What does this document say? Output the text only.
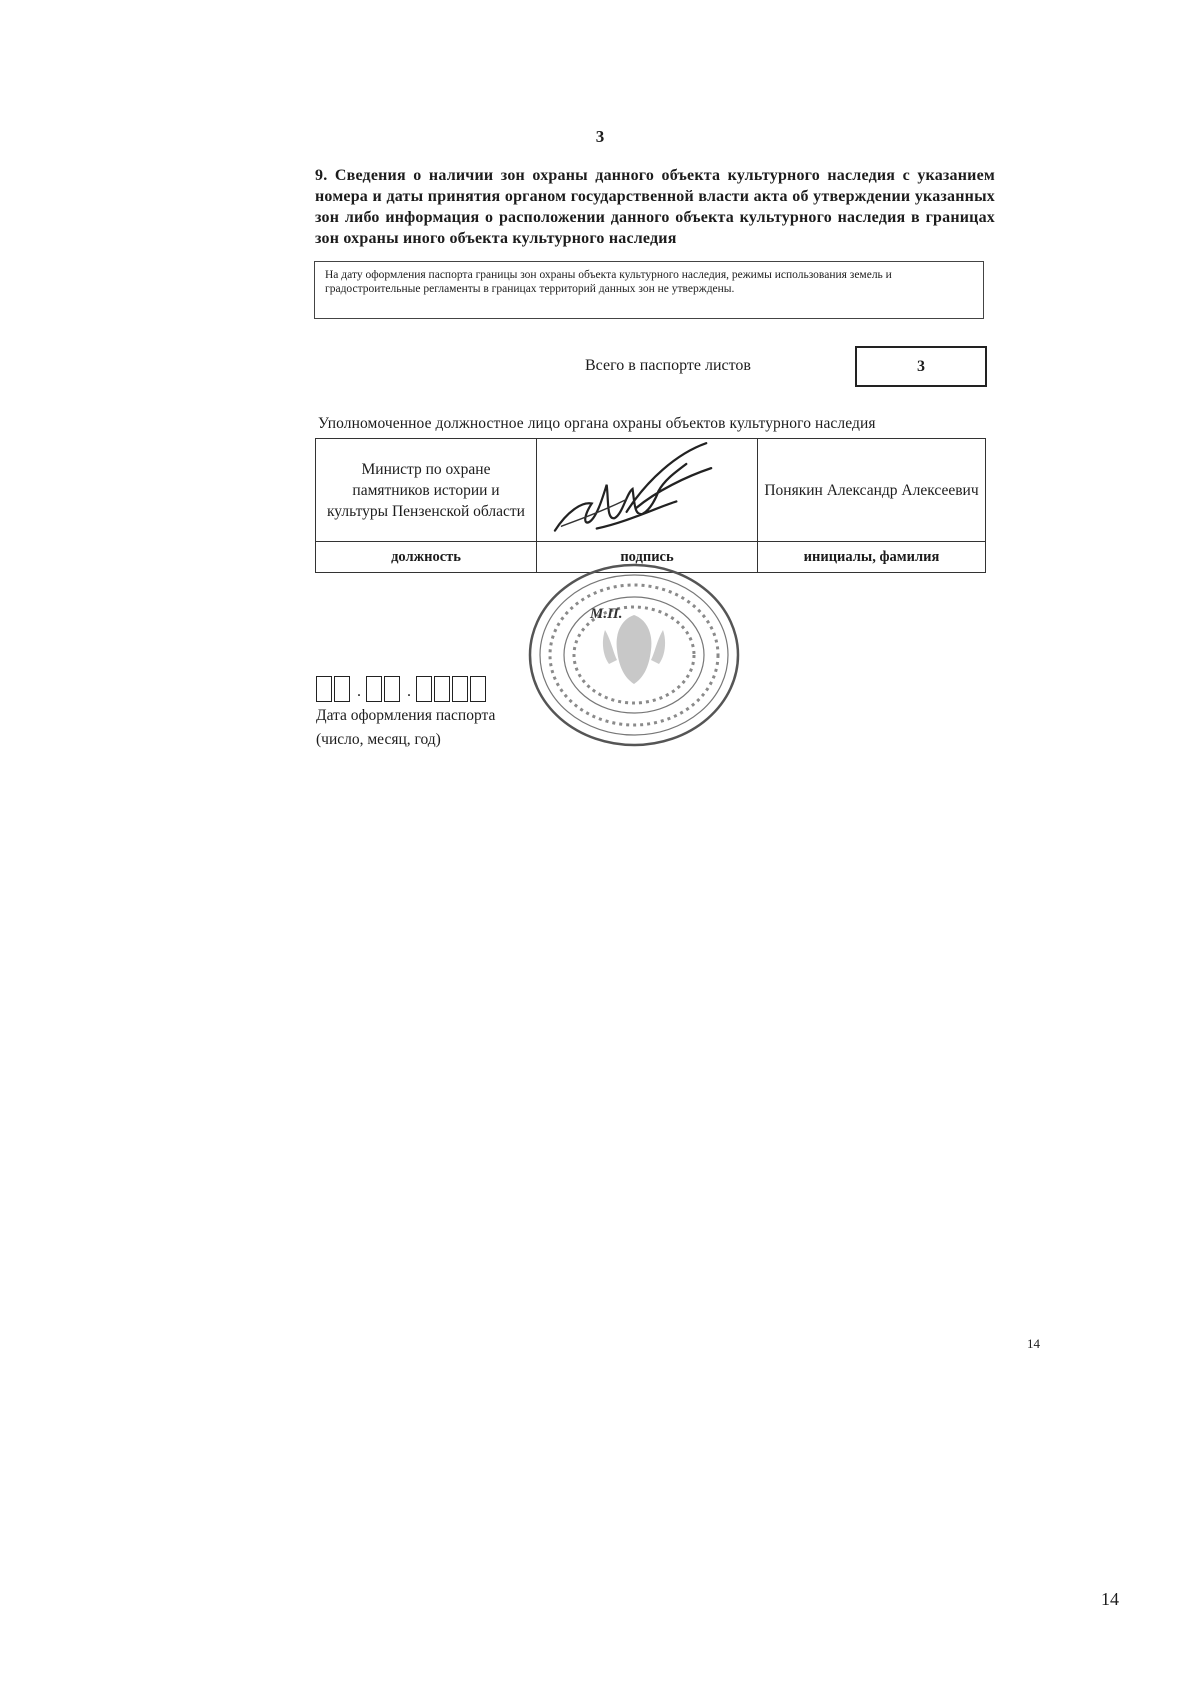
3
9. Сведения о наличии зон охраны данного объекта культурного наследия с указанием номера и даты принятия органом государственной власти акта об утверждении указанных зон либо информация о расположении данного объекта культурного наследия в границах зон охраны иного объекта культурного наследия
На дату оформления паспорта границы зон охраны объекта культурного наследия, режимы использования земель и градостроительные регламенты в границах территорий данных зон не утверждены.
Всего в паспорте листов	3
Уполномоченное должностное лицо органа охраны объектов культурного наследия
Министр по охране памятников истории и культуры Пензенской области		Понякин Александр Алексеевич
должность	подпись	инициалы, фамилия
М.П.
.	.
Дата оформления паспорта
(число, месяц, год)
14
14
